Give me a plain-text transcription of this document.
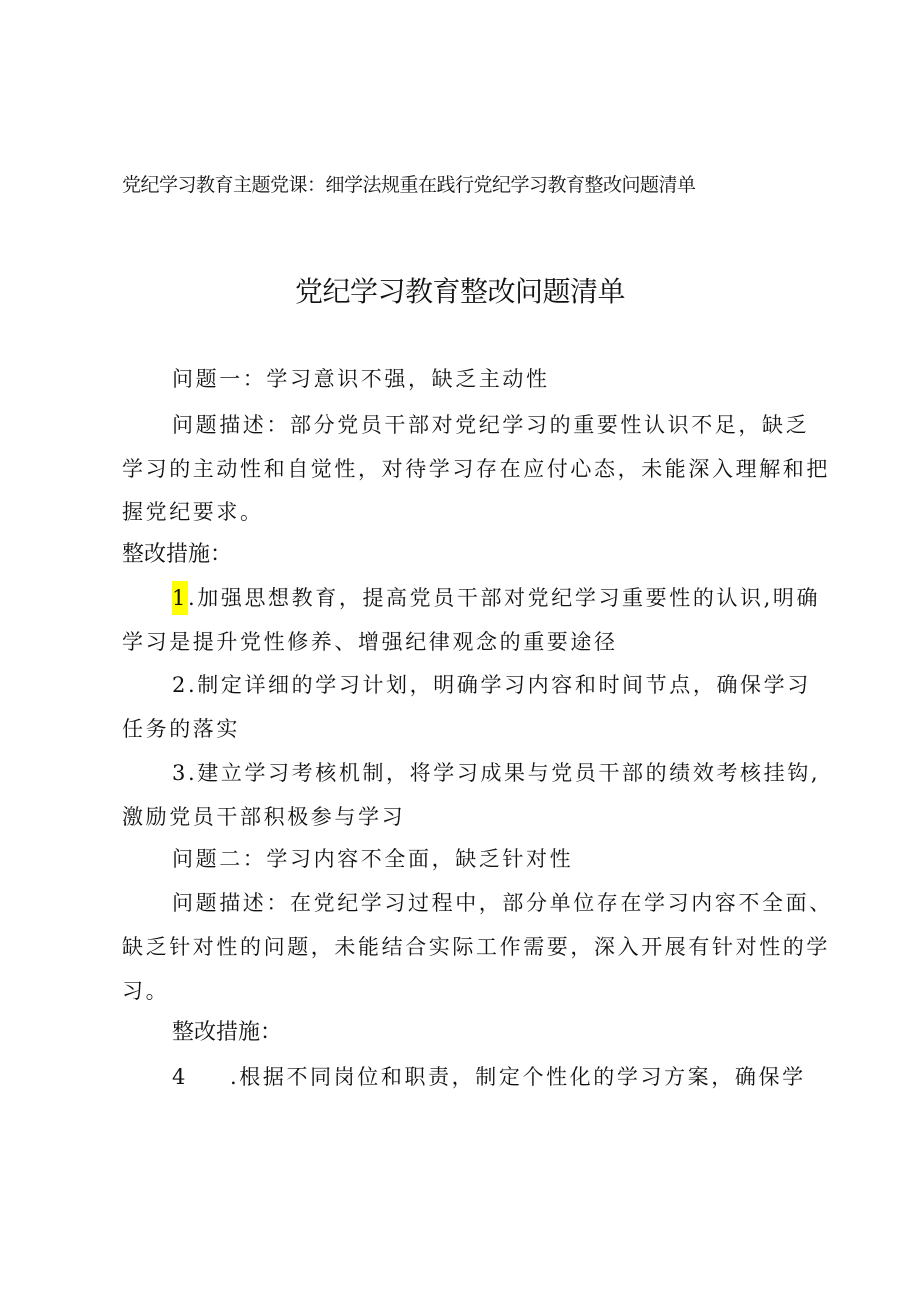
党纪学习教育主题党课：细学法规重在践行党纪学习教育整改问题清单
党纪学习教育整改问题清单
问题一：学习意识不强，缺乏主动性
问题描述：部分党员干部对党纪学习的重要性认识不足，缺乏
学习的主动性和自觉性，对待学习存在应付心态，未能深入理解和把
握党纪要求。
整改措施：
1.加强思想教育，提高党员干部对党纪学习重要性的认识,明确
学习是提升党性修养、增强纪律观念的重要途径
2.制定详细的学习计划，明确学习内容和时间节点，确保学习
任务的落实
3.建立学习考核机制，将学习成果与党员干部的绩效考核挂钩,
激励党员干部积极参与学习
问题二：学习内容不全面，缺乏针对性
问题描述：在党纪学习过程中，部分单位存在学习内容不全面、
缺乏针对性的问题，未能结合实际工作需要，深入开展有针对性的学
习。
整改措施：
4 .根据不同岗位和职责，制定个性化的学习方案，确保学
